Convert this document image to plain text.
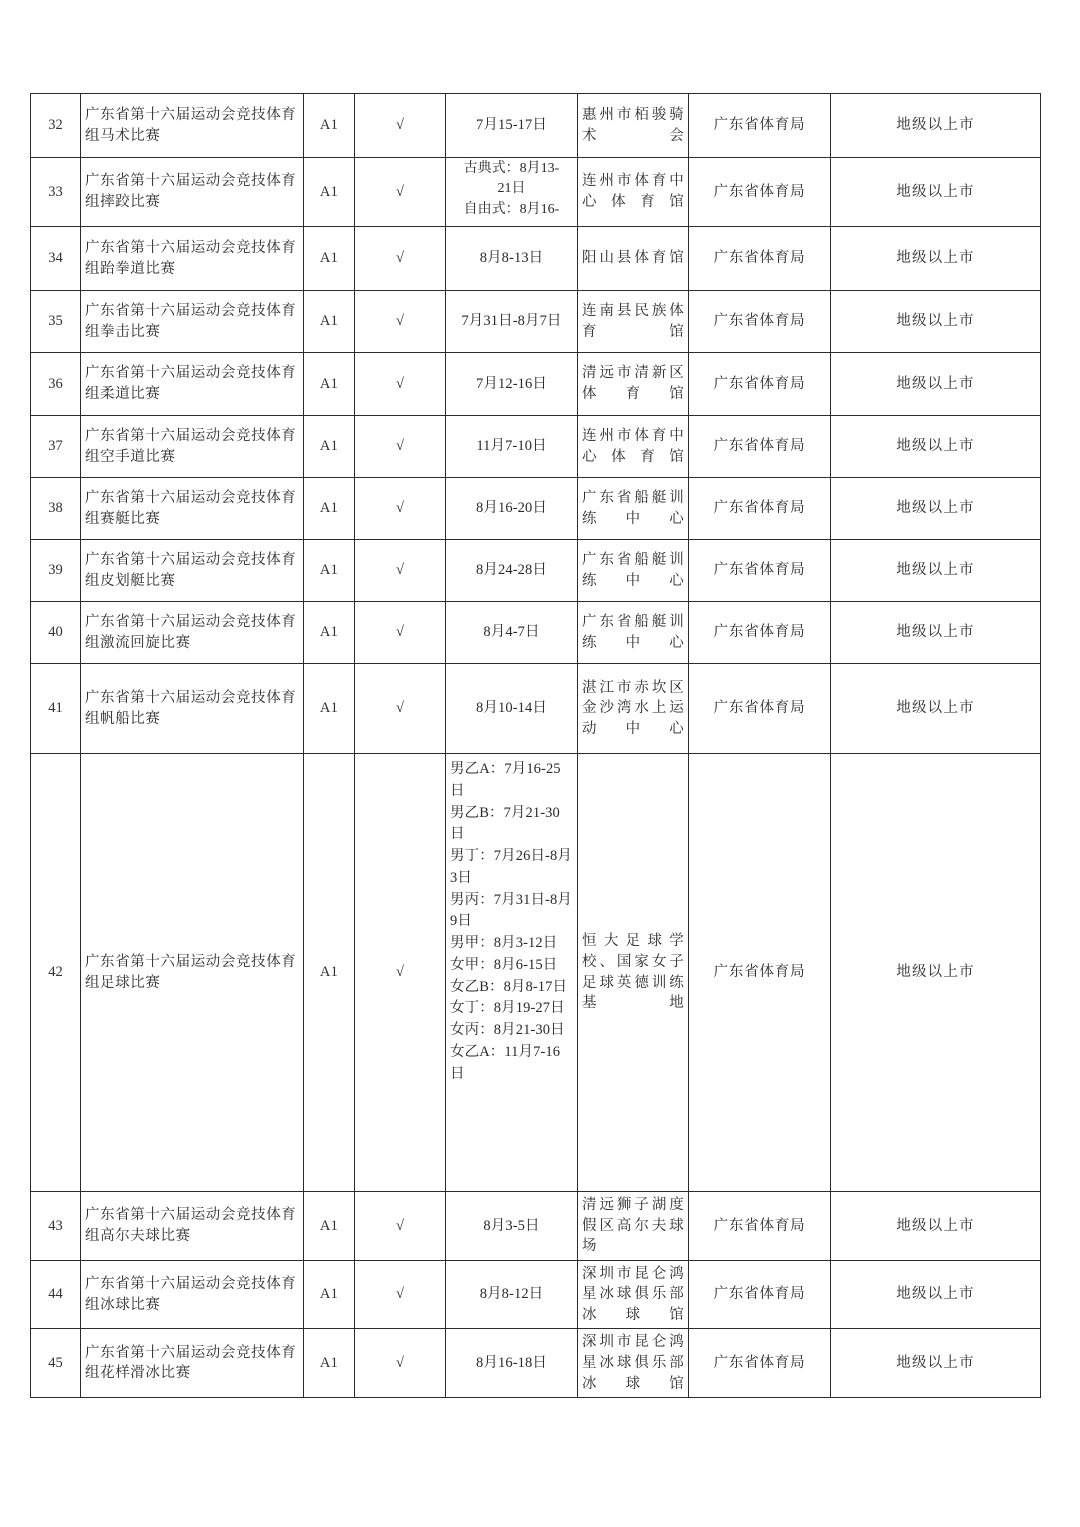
32	广东省第十六届运动会竞技体育组马术比赛	A1	√	7月15-17日	惠州市栢骏骑术会	广东省体育局	地级以上市
33	广东省第十六届运动会竞技体育组摔跤比赛	A1	√	古典式：8月13-
21日
自由式：8月16-	连州市体育中心体育馆	广东省体育局	地级以上市
34	广东省第十六届运动会竞技体育组跆拳道比赛	A1	√	8月8-13日	阳山县体育馆	广东省体育局	地级以上市
35	广东省第十六届运动会竞技体育组拳击比赛	A1	√	7月31日-8月7日	连南县民族体育馆	广东省体育局	地级以上市
36	广东省第十六届运动会竞技体育组柔道比赛	A1	√	7月12-16日	清远市清新区体育馆	广东省体育局	地级以上市
37	广东省第十六届运动会竞技体育组空手道比赛	A1	√	11月7-10日	连州市体育中心体育馆	广东省体育局	地级以上市
38	广东省第十六届运动会竞技体育组赛艇比赛	A1	√	8月16-20日	广东省船艇训练中心	广东省体育局	地级以上市
39	广东省第十六届运动会竞技体育组皮划艇比赛	A1	√	8月24-28日	广东省船艇训练中心	广东省体育局	地级以上市
40	广东省第十六届运动会竞技体育组激流回旋比赛	A1	√	8月4-7日	广东省船艇训练中心	广东省体育局	地级以上市
41	广东省第十六届运动会竞技体育组帆船比赛	A1	√	8月10-14日	湛江市赤坎区金沙湾水上运动中心	广东省体育局	地级以上市
42	广东省第十六届运动会竞技体育组足球比赛	A1	√	
男乙A：7月16-25日
男乙B：7月21-30日
男丁：7月26日-8月3日
男丙：7月31日-8月9日
男甲：8月3-12日
女甲：8月6-15日
女乙B：8月8-17日
女丁：8月19-27日
女丙：8月21-30日
女乙A：11月7-16日
	恒大足球学校、国家女子足球英德训练基地	广东省体育局	地级以上市
43	广东省第十六届运动会竞技体育组高尔夫球比赛	A1	√	8月3-5日	清远狮子湖度假区高尔夫球场	广东省体育局	地级以上市
44	广东省第十六届运动会竞技体育组冰球比赛	A1	√	8月8-12日	深圳市昆仑鸿星冰球俱乐部冰球馆	广东省体育局	地级以上市
45	广东省第十六届运动会竞技体育组花样滑冰比赛	A1	√	8月16-18日	深圳市昆仑鸿星冰球俱乐部冰球馆	广东省体育局	地级以上市
